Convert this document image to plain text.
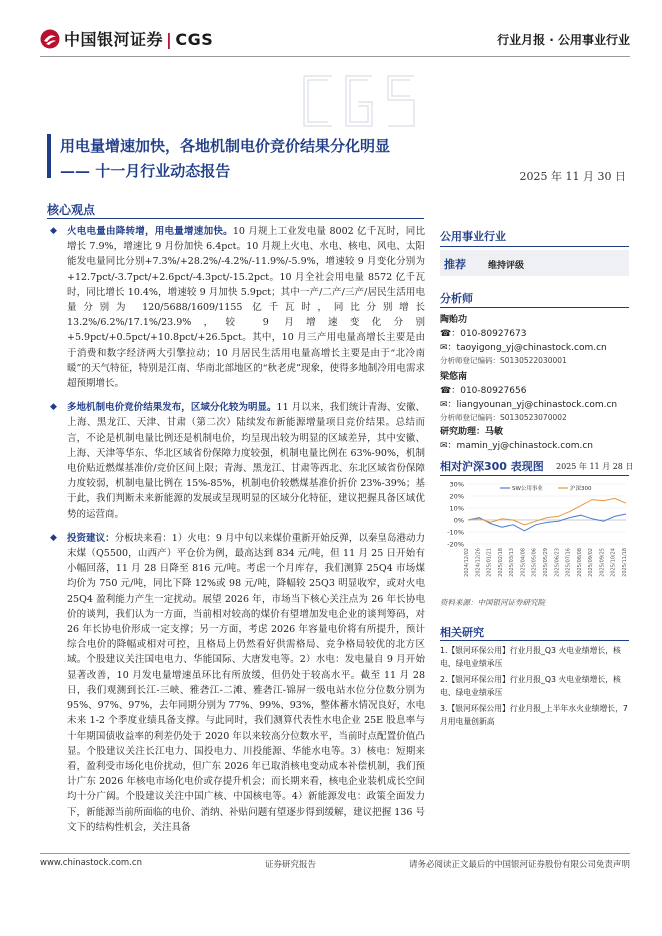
中国银河证券 | CGS	行业月报 · 公用事业行业
用电量增速加快，各地机制电价竞价结果分化明显
—— 十一月行业动态报告	2025 年 11 月 30 日
核心观点

◆ 火电电量由降转增，用电量增速加快。10 月规上工业发电量 8002 亿千瓦时，同比增长 7.9%，增速比 9 月份加快 6.4pct。10 月规上火电、水电、核电、风电、太阳能发电量同比分别+7.3%/+28.2%/-4.2%/-11.9%/-5.9%，增速较 9 月变化分别为+12.7pct/-3.7pct/+2.6pct/-4.3pct/-15.2pct。10 月全社会用电量 8572 亿千瓦时，同比增长 10.4%，增速较 9 月加快 5.9pct；其中一产/二产/三产/居民生活用电量分别为 120/5688/1609/1155 亿千瓦时，同比分别增长 13.2%/6.2%/17.1%/23.9%，较 9 月增速变化分别+5.9pct/+0.5pct/+10.8pct/+26.5pct。其中，10 月三产用电量高增长主要是由于消费和数字经济两大引擎拉动；10 月居民生活用电量高增长主要是由于“北冷南暖”的天气特征，特别是江南、华南北部地区的“秋老虎”现象，使得多地制冷用电需求超预期增长。

◆ 多地机制电价竞价结果发布，区域分化较为明显。11 月以来，我们统计青海、安徽、上海、黑龙江、天津、甘肃（第二次）陆续发布新能源增量项目竞价结果。总结而言，不论是机制电量比例还是机制电价，均呈现出较为明显的区域差异，其中安徽、上海、天津等华东、华北区域省份保障力度较强，机制电量比例在 63%-90%，机制电价贴近燃煤基准价/竞价区间上限；青海、黑龙江、甘肃等西北、东北区域省份保障力度较弱，机制电量比例在 15%-85%，机制电价较燃煤基准价折价 23%-39%；基于此，我们判断未来新能源的发展或呈现明显的区域分化特征，建议把握具备区域优势的运营商。

◆ 投资建议：分板块来看：1）火电：9 月中旬以来煤价重新开始反弹，以秦皇岛港动力末煤（Q5500，山西产）平仓价为例，最高达到 834 元/吨，但 11 月 25 日开始有小幅回落，11 月 28 日降至 816 元/吨。考虑一个月库存，我们测算 25Q4 市场煤均价为 750 元/吨，同比下降 12%或 98 元/吨，降幅较 25Q3 明显收窄，或对火电 25Q4 盈利能力产生一定扰动。展望 2026 年，市场当下核心关注点为 26 年长协电价的谈判，我们认为一方面，当前相对较高的煤价有望增加发电企业的谈判筹码，对 26 年长协电价形成一定支撑；另一方面，考虑 2026 年容量电价将有所提升，预计综合电价的降幅或相对可控，且格局上仍然看好供需格局、竞争格局较优的北方区域。个股建议关注国电电力、华能国际、大唐发电等。2）水电：发电量自 9 月开始显著改善，10 月发电量增速虽环比有所放缓，但仍处于较高水平。截至 11 月 28 日，我们观测到长江-三峡、雅砻江-二滩、雅砻江-锦屏一级电站水位分位数分别为 95%、97%、97%，去年同期分别为 77%、99%、93%，整体蓄水情况良好，水电未来 1-2 个季度业绩具备支撑。与此同时，我们测算代表性水电企业 25E 股息率与十年期国债收益率的利差仍处于 2020 年以来较高分位数水平，当前时点配置价值凸显。个股建议关注长江电力、国投电力、川投能源、华能水电等。3）核电：短期来看，盈利受市场化电价扰动，但广东 2026 年已取消核电变动成本补偿机制，我们预计广东 2026 年核电市场化电价或存提升机会；而长期来看，核电企业装机成长空间均十分广阔。个股建议关注中国广核、中国核电等。4）新能源发电：政策全面发力下，新能源当前所面临的电价、消纳、补贴问题有望逐步得到缓解，建议把握 136 号文下的结构性机会，关注具备

公用事业行业
推荐 维持评级
分析师
陶贻功
☎：010-80927673
✉：taoyigong_yj@chinastock.com.cn
分析师登记编码：S0130522030001
梁悠南
☎：010-80927656
✉：liangyounan_yj@chinastock.com.cn
分析师登记编码：S0130523070002
研究助理：马敏
✉：mamin_yj@chinastock.com.cn
相对沪深300 表现图 2025 年 11 月 28 日
30%
20%
10%
0%
-10%
-20%
2024/12/02 2024/12/26 2025/01/21 2025/02/18 2025/03/13 2025/04/08 2025/05/06 2025/05/29 2025/06/23 2025/07/16 2025/08/08 2025/09/02 2025/09/25 2025/10/24 2025/11/18
SW公用事业	沪深300
资料来源：中国银河证券研究院
相关研究
1.【银河环保公用】行业月报_Q3 火电业绩增长，核电、绿电业绩承压
2.【银河环保公用】行业月报_Q3 火电业绩增长，核电、绿电业绩承压
3.【银河环保公用】行业月报_上半年水火业绩增长，7 月用电量创新高
www.chinastock.com.cn	证券研究报告	请务必阅读正文最后的中国银河证券股份有限公司免责声明
